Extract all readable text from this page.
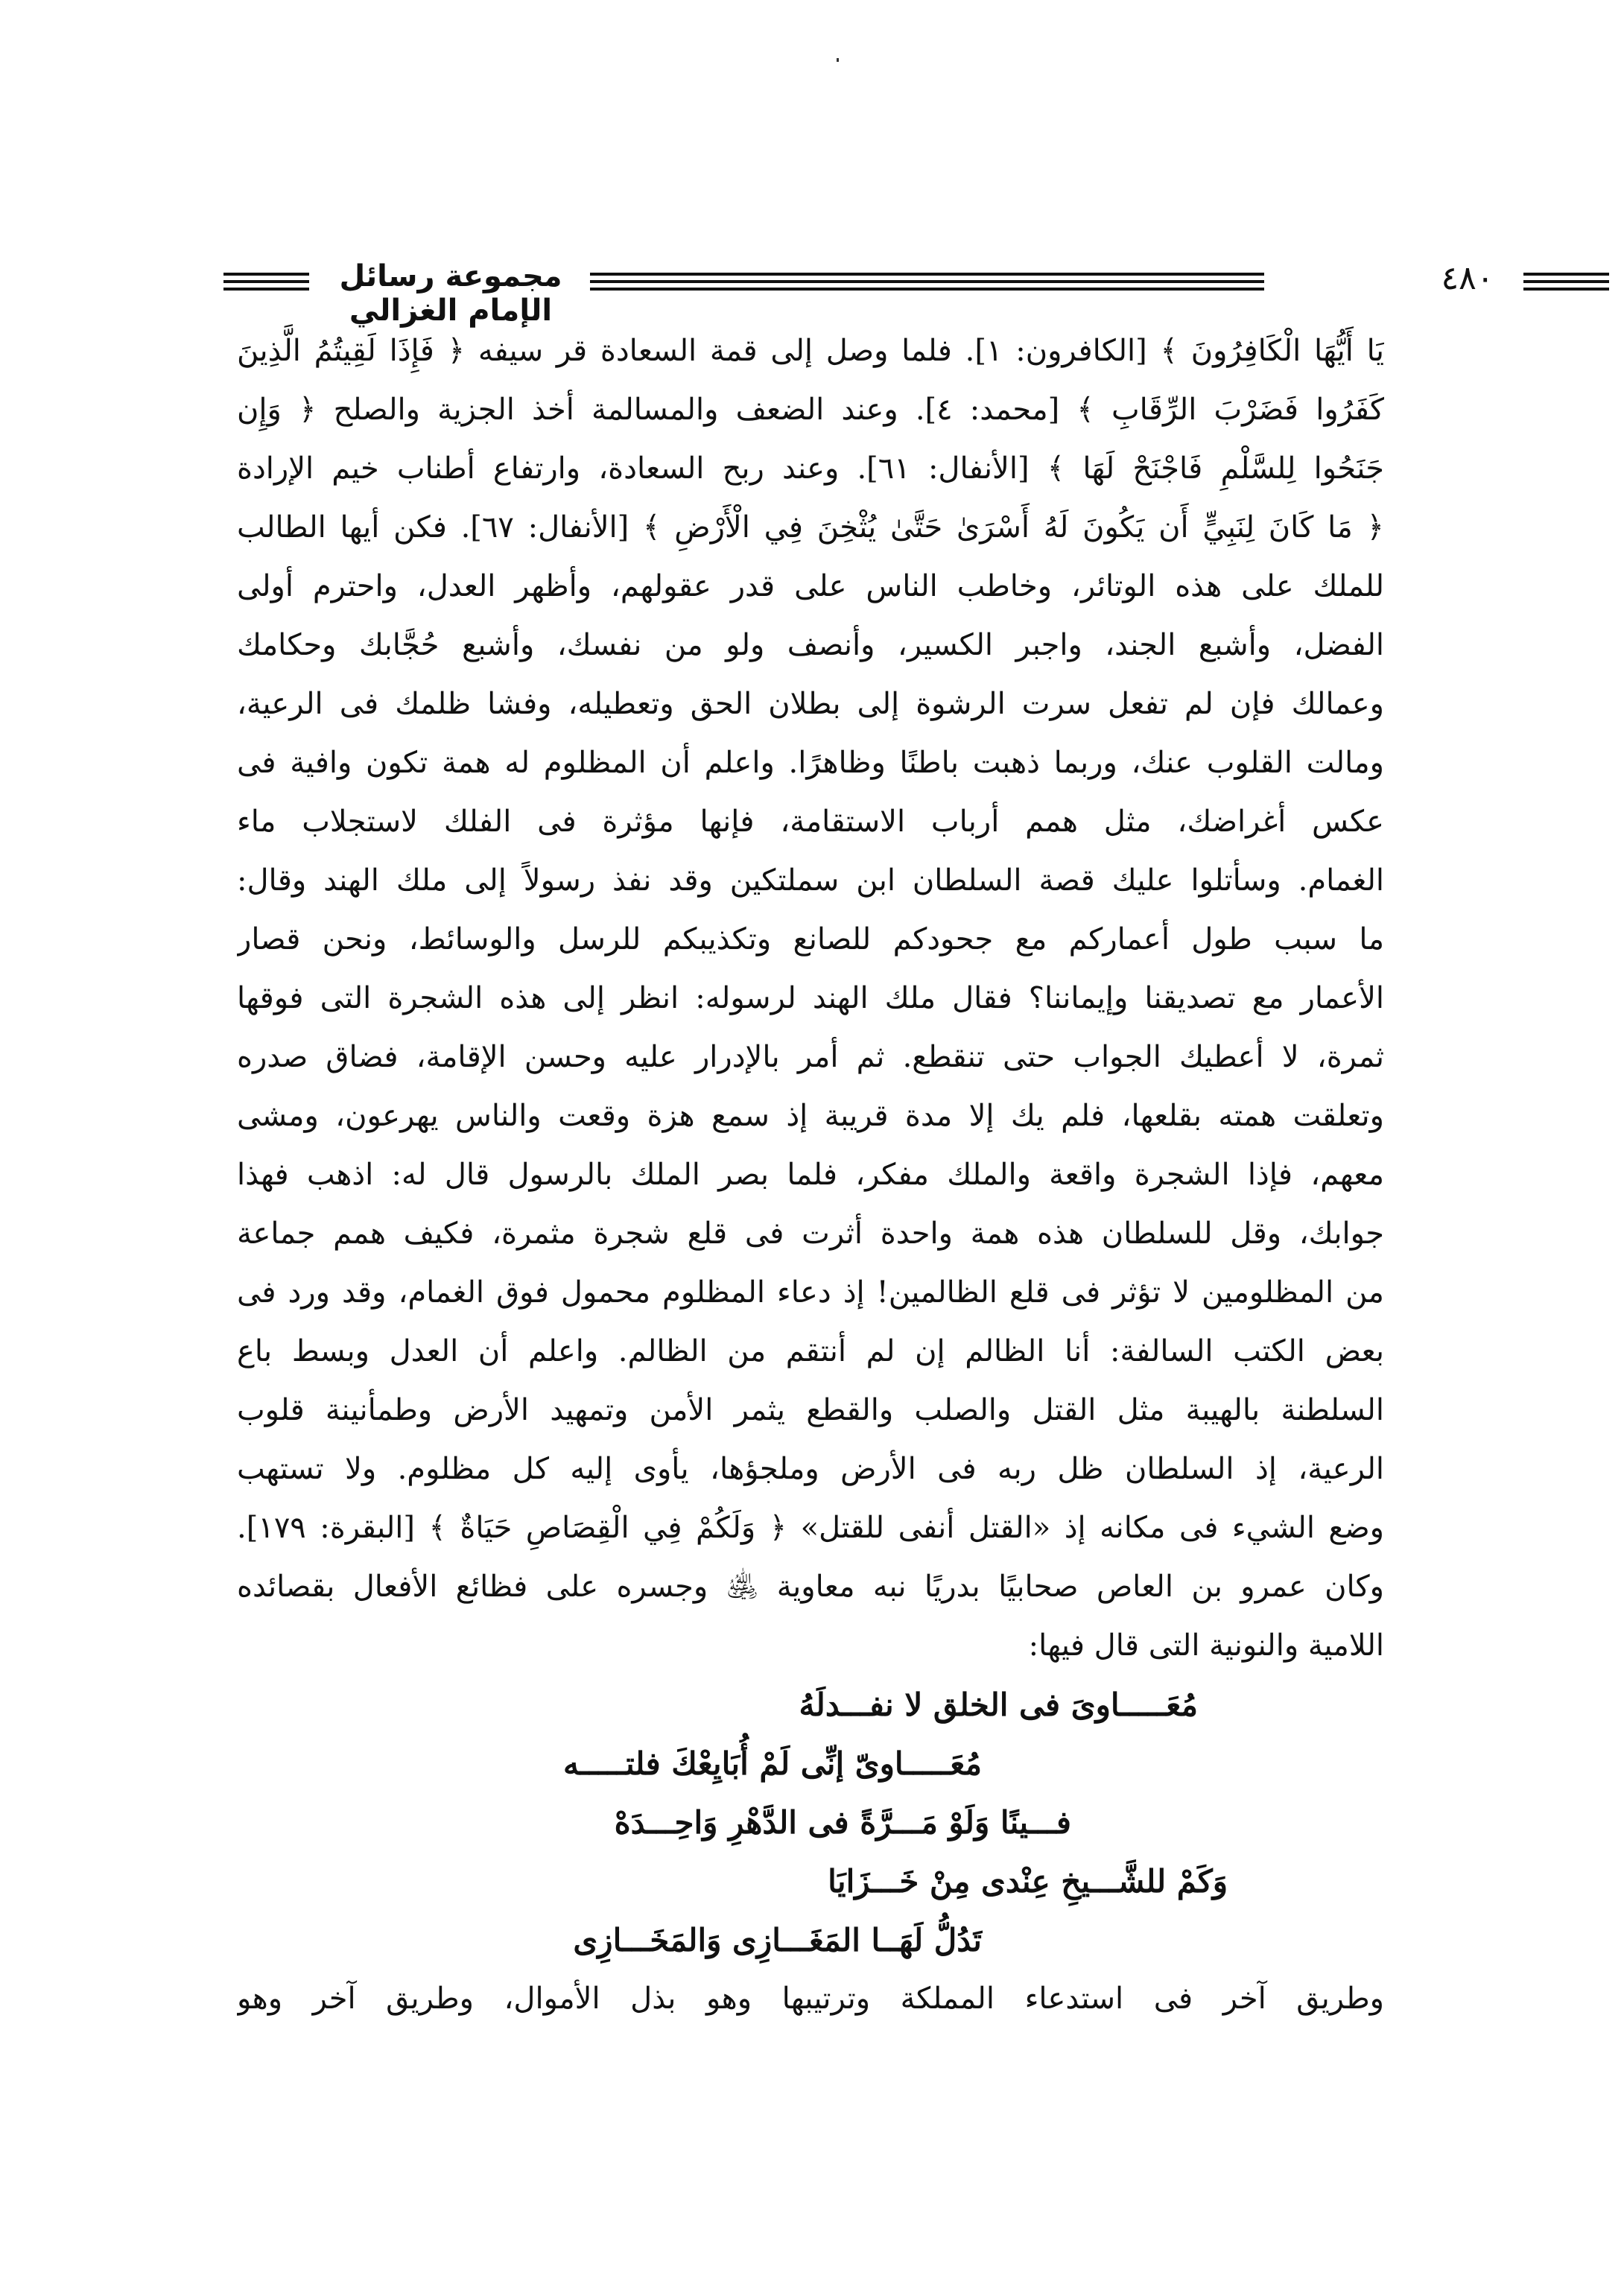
مجموعة رسائل الإمام الغزالي
٤٨٠
يَا أَيُّهَا الْكَافِرُونَ ﴾ [الكافرون: ١]. فلما وصل إلى قمة السعادة قر سيفه ﴿ فَإِذَا لَقِيتُمُ الَّذِينَ
كَفَرُوا فَضَرْبَ الرِّقَابِ ﴾ [محمد: ٤]. وعند الضعف والمسالمة أخذ الجزية والصلح ﴿ وَإِن
جَنَحُوا لِلسَّلْمِ فَاجْنَحْ لَهَا ﴾ [الأنفال: ٦١]. وعند ربح السعادة، وارتفاع أطناب خيم الإرادة
﴿ مَا كَانَ لِنَبِيٍّ أَن يَكُونَ لَهُ أَسْرَىٰ حَتَّىٰ يُثْخِنَ فِي الْأَرْضِ ﴾ [الأنفال: ٦٧]. فكن أيها الطالب
للملك على هذه الوتائر، وخاطب الناس على قدر عقولهم، وأظهر العدل، واحترم أولى
الفضل، وأشبع الجند، واجبر الكسير، وأنصف ولو من نفسك، وأشبع حُجَّابك وحكامك
وعمالك فإن لم تفعل سرت الرشوة إلى بطلان الحق وتعطيله، وفشا ظلمك فى الرعية،
ومالت القلوب عنك، وربما ذهبت باطنًا وظاهرًا. واعلم أن المظلوم له همة تكون وافية فى
عكس أغراضك، مثل همم أرباب الاستقامة، فإنها مؤثرة فى الفلك لاستجلاب ماء
الغمام. وسأتلوا عليك قصة السلطان ابن سملتكين وقد نفذ رسولاً إلى ملك الهند وقال:
ما سبب طول أعماركم مع جحودكم للصانع وتكذيبكم للرسل والوسائط، ونحن قصار
الأعمار مع تصديقنا وإيماننا؟ فقال ملك الهند لرسوله: انظر إلى هذه الشجرة التى فوقها
ثمرة، لا أعطيك الجواب حتى تنقطع. ثم أمر بالإدرار عليه وحسن الإقامة، فضاق صدره
وتعلقت همته بقلعها، فلم يك إلا مدة قريبة إذ سمع هزة وقعت والناس يهرعون، ومشى
معهم، فإذا الشجرة واقعة والملك مفكر، فلما بصر الملك بالرسول قال له: اذهب فهذا
جوابك، وقل للسلطان هذه همة واحدة أثرت فى قلع شجرة مثمرة، فكيف همم جماعة
من المظلومين لا تؤثر فى قلع الظالمين! إذ دعاء المظلوم محمول فوق الغمام، وقد ورد فى
بعض الكتب السالفة: أنا الظالم إن لم أنتقم من الظالم. واعلم أن العدل وبسط باع
السلطنة بالهيبة مثل القتل والصلب والقطع يثمر الأمن وتمهيد الأرض وطمأنينة قلوب
الرعية، إذ السلطان ظل ربه فى الأرض وملجؤها، يأوى إليه كل مظلوم. ولا تستهب
وضع الشيء فى مكانه إذ «القتل أنفى للقتل» ﴿ وَلَكُمْ فِي الْقِصَاصِ حَيَاةٌ ﴾ [البقرة: ١٧٩].
وكان عمرو بن العاص صحابيًا بدريًا نبه معاوية ﵁ وجسره على فظائع الأفعال بقصائده
اللامية والنونية التى قال فيها:
مُعَـــــاوىَ فى الخلق لا نفـــدلَهُ
مُعَـــــاوىّ إنِّى لَمْ أُبَايِعْكَ فلتـــــه
فـــينًا وَلَوْ مَـــرَّةً فى الدَّهْرِ وَاحِـــدَهْ
وَكَمْ للشَّـــيخِ عِنْدى مِنْ خَـــزَايَا
تَدُلُّ لَهَــا المَغَـــازِى وَالمَخَـــازِى
وطريق آخر فى استدعاء المملكة وترتيبها وهو بذل الأموال، وطريق آخر وهو
